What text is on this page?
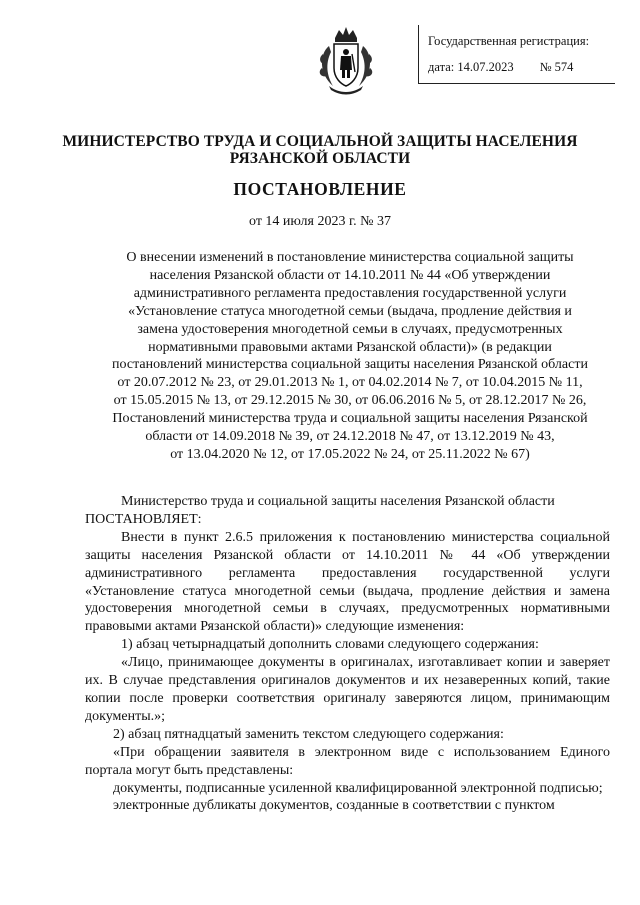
Государственная регистрация:
дата: 14.07.2023 № 574
МИНИСТЕРСТВО ТРУДА И СОЦИАЛЬНОЙ ЗАЩИТЫ НАСЕЛЕНИЯ
РЯЗАНСКОЙ ОБЛАСТИ
ПОСТАНОВЛЕНИЕ
от 14 июля 2023 г. № 37
О внесении изменений в постановление министерства социальной защиты
населения Рязанской области от 14.10.2011 № 44 «Об утверждении
административного регламента предоставления государственной услуги
«Установление статуса многодетной семьи (выдача, продление действия и
замена удостоверения многодетной семьи в случаях, предусмотренных
нормативными правовыми актами Рязанской области)» (в редакции
постановлений министерства социальной защиты населения Рязанской области
от 20.07.2012 № 23, от 29.01.2013 № 1, от 04.02.2014 № 7, от 10.04.2015 № 11,
от 15.05.2015 № 13, от 29.12.2015 № 30, от 06.06.2016 № 5, от 28.12.2017 № 26,
Постановлений министерства труда и социальной защиты населения Рязанской
области от 14.09.2018 № 39, от 24.12.2018 № 47, от 13.12.2019 № 43,
от 13.04.2020 № 12, от 17.05.2022 № 24, от 25.11.2022 № 67)

Министерство труда и социальной защиты населения Рязанской области

ПОСТАНОВЛЯЕТ:

Внести в пункт 2.6.5 приложения к постановлению министерства социальной защиты населения Рязанской области от 14.10.2011 № 44 «Об утверждении административного регламента предоставления государственной услуги «Установление статуса многодетной семьи (выдача, продление действия и замена удостоверения многодетной семьи в случаях, предусмотренных нормативными правовыми актами Рязанской области)» следующие изменения:

1) абзац четырнадцатый дополнить словами следующего содержания:

«Лицо, принимающее документы в оригиналах, изготавливает копии и заверяет их. В случае представления оригиналов документов и их незаверенных копий, такие копии после проверки соответствия оригиналу заверяются лицом, принимающим документы.»;

2) абзац пятнадцатый заменить текстом следующего содержания:

«При обращении заявителя в электронном виде с использованием Единого портала могут быть представлены:

документы, подписанные усиленной квалифицированной электронной подписью;

электронные дубликаты документов, созданные в соответствии с пунктом
